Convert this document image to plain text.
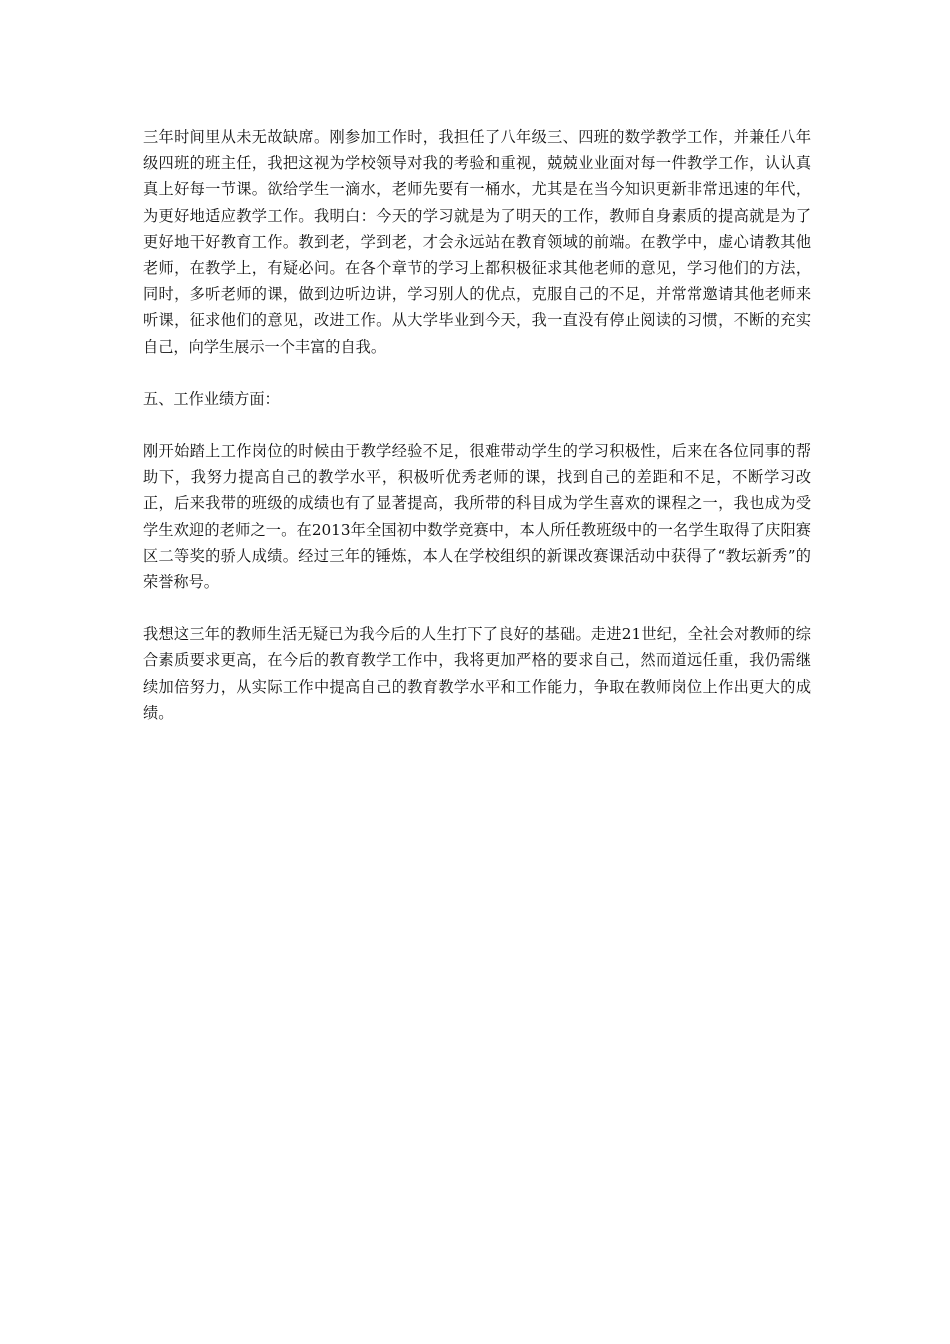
三年时间里从未无故缺席。刚参加工作时，我担任了八年级三、四班的数学教学工作，并兼任八年级四班的班主任，我把这视为学校领导对我的考验和重视，兢兢业业面对每一件教学工作，认认真真上好每一节课。欲给学生一滴水，老师先要有一桶水，尤其是在当今知识更新非常迅速的年代，为更好地适应教学工作。我明白：今天的学习就是为了明天的工作，教师自身素质的提高就是为了更好地干好教育工作。教到老，学到老，才会永远站在教育领域的前端。在教学中，虚心请教其他老师，在教学上，有疑必问。在各个章节的学习上都积极征求其他老师的意见，学习他们的方法，同时，多听老师的课，做到边听边讲，学习别人的优点，克服自己的不足，并常常邀请其他老师来听课，征求他们的意见，改进工作。从大学毕业到今天，我一直没有停止阅读的习惯，不断的充实自己，向学生展示一个丰富的自我。

五、工作业绩方面：

刚开始踏上工作岗位的时候由于教学经验不足，很难带动学生的学习积极性，后来在各位同事的帮助下，我努力提高自己的教学水平，积极听优秀老师的课，找到自己的差距和不足，不断学习改正，后来我带的班级的成绩也有了显著提高，我所带的科目成为学生喜欢的课程之一，我也成为受学生欢迎的老师之一。在2013年全国初中数学竞赛中，本人所任教班级中的一名学生取得了庆阳赛区二等奖的骄人成绩。经过三年的锤炼，本人在学校组织的新课改赛课活动中获得了“教坛新秀”的荣誉称号。

我想这三年的教师生活无疑已为我今后的人生打下了良好的基础。走进21世纪，全社会对教师的综合素质要求更高，在今后的教育教学工作中，我将更加严格的要求自己，然而道远任重，我仍需继续加倍努力，从实际工作中提高自己的教育教学水平和工作能力，争取在教师岗位上作出更大的成绩。
